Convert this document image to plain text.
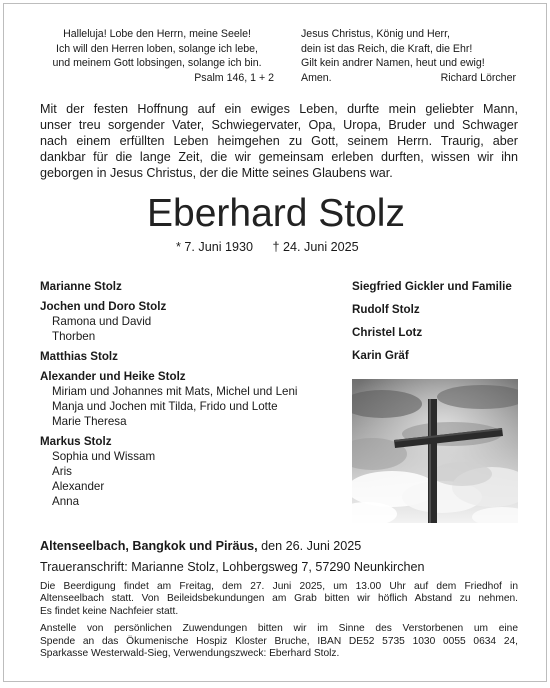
Halleluja! Lobe den Herrn, meine Seele!
Ich will den Herren loben, solange ich lebe,
und meinem Gott lobsingen, solange ich bin.
Psalm 146, 1 + 2
Jesus Christus, König und Herr,
dein ist das Reich, die Kraft, die Ehr!
Gilt kein andrer Namen, heut und ewig!
Amen.	Richard Lörcher
Mit der festen Hoffnung auf ein ewiges Leben, durfte mein geliebter Mann,
unser treu sorgender Vater, Schwiegervater, Opa, Uropa, Bruder und Schwager
nach einem erfüllten Leben heimgehen zu Gott, seinem Herrn. Traurig, aber
dankbar für die lange Zeit, die wir gemeinsam erleben durften, wissen wir ihn
geborgen in Jesus Christus, der die Mitte seines Glaubens war.
Eberhard Stolz
* 7. Juni 1930 † 24. Juni 2025
Marianne Stolz
Jochen und Doro Stolz
Ramona und David
Thorben
Matthias Stolz
Alexander und Heike Stolz
Miriam und Johannes mit Mats, Michel und Leni
Manja und Jochen mit Tilda, Frido und Lotte
Marie Theresa
Markus Stolz
Sophia und Wissam
Aris
Alexander
Anna
Siegfried Gickler und Familie
Rudolf Stolz
Christel Lotz
Karin Gräf
Altenseelbach, Bangkok und Piräus, den 26. Juni 2025
Traueranschrift: Marianne Stolz, Lohbergsweg 7, 57290 Neunkirchen
Die Beerdigung findet am Freitag, dem 27. Juni 2025, um 13.00 Uhr auf dem Friedhof in
Altenseelbach statt. Von Beileidsbekundungen am Grab bitten wir höflich Abstand zu nehmen.
Es findet keine Nachfeier statt.
Anstelle von persönlichen Zuwendungen bitten wir im Sinne des Verstorbenen um eine
Spende an das Ökumenische Hospiz Kloster Bruche, IBAN DE52 5735 1030 0055 0634 24,
Sparkasse Westerwald-Sieg, Verwendungszweck: Eberhard Stolz.
